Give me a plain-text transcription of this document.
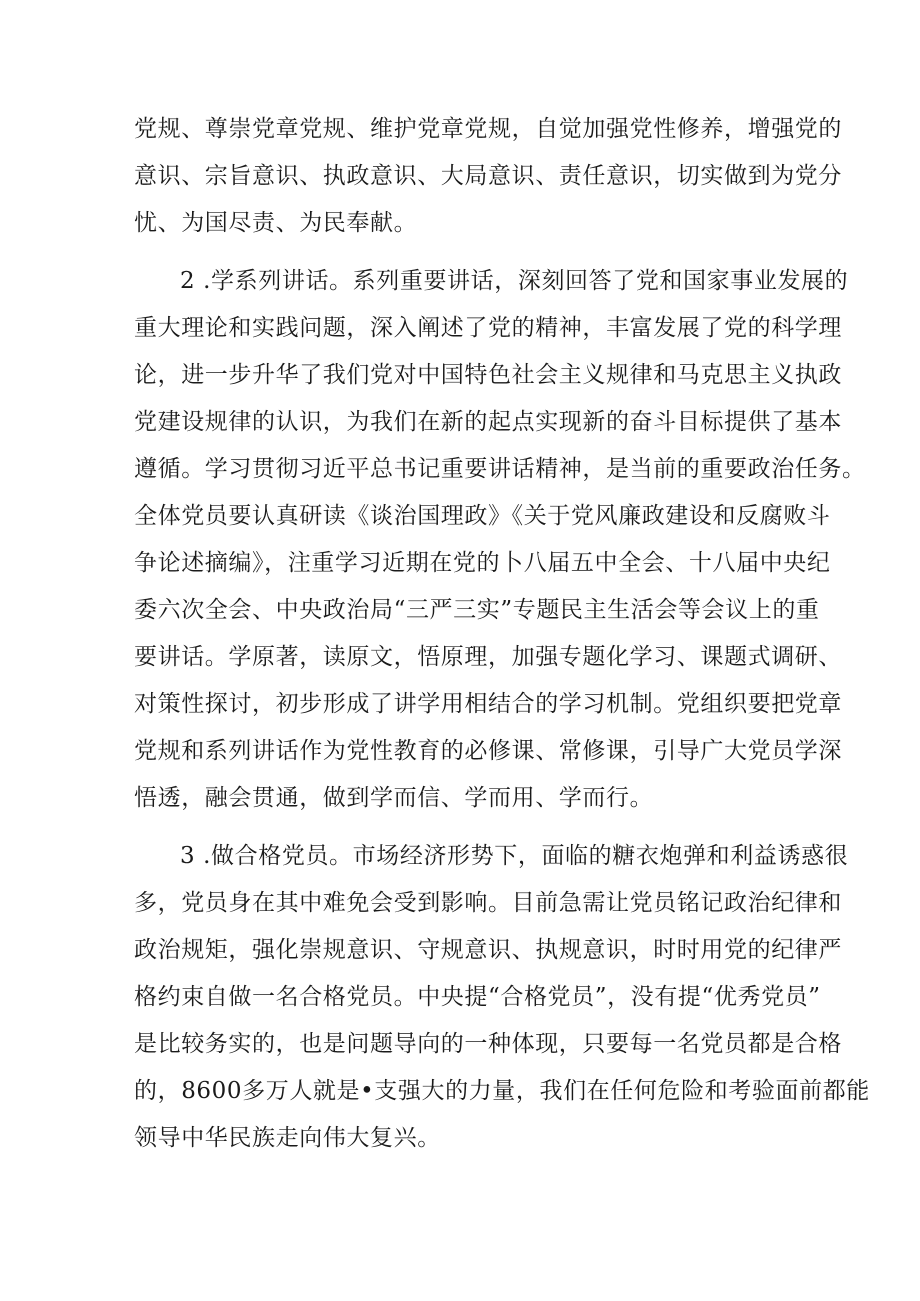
党规、尊崇党章党规、维护党章党规，自觉加强党性修养，增强党的
意识、宗旨意识、执政意识、大局意识、责任意识，切实做到为党分
忧、为国尽责、为民奉献。
2 .学系列讲话。系列重要讲话，深刻回答了党和国家事业发展的
重大理论和实践问题，深入阐述了党的精神，丰富发展了党的科学理
论，进一步升华了我们党对中国特色社会主义规律和马克思主义执政
党建设规律的认识，为我们在新的起点实现新的奋斗目标提供了基本
遵循。学习贯彻习近平总书记重要讲话精神，是当前的重要政治任务。
全体党员要认真研读《谈治国理政》《关于党风廉政建设和反腐败斗
争论述摘编》，注重学习近期在党的卜八届五中全会、十八届中央纪
委六次全会、中央政治局“三严三实”专题民主生活会等会议上的重
要讲话。学原著，读原文，悟原理，加强专题化学习、课题式调研、
对策性探讨，初步形成了讲学用相结合的学习机制。党组织要把党章
党规和系列讲话作为党性教育的必修课、常修课，引导广大党员学深
悟透，融会贯通，做到学而信、学而用、学而行。
3 .做合格党员。市场经济形势下，面临的糖衣炮弹和利益诱惑很
多，党员身在其中难免会受到影响。目前急需让党员铭记政治纪律和
政治规矩，强化崇规意识、守规意识、执规意识，时时用党的纪律严
格约束自做一名合格党员。中央提“合格党员”，没有提“优秀党员”
是比较务实的，也是问题导向的一种体现，只要每一名党员都是合格
的，8600多万人就是•支强大的力量，我们在任何危险和考验面前都能
领导中华民族走向伟大复兴。
